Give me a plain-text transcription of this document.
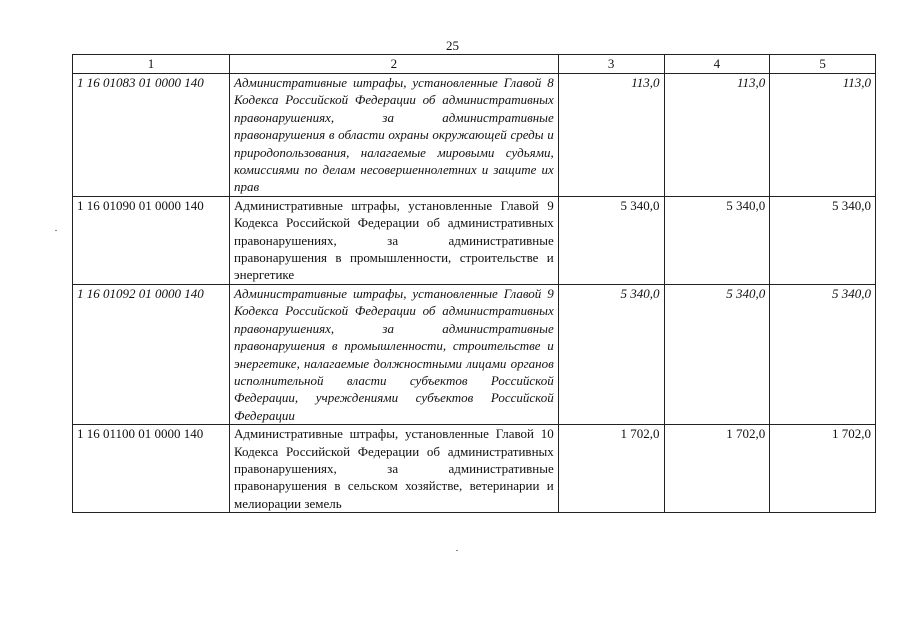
25
1	2	3	4	5
1 16 01083 01 0000 140	Административные штрафы, установленные Главой 8 Кодекса Российской Федерации об административных правонарушениях, за административные правонарушения в области охраны окружающей среды и природопользования, налагаемые мировыми судьями, комиссиями по делам несовершеннолетних и защите их прав	113,0	113,0	113,0
1 16 01090 01 0000 140	Административные штрафы, установленные Главой 9 Кодекса Российской Федерации об административных правонарушениях, за административные правонарушения в промышленности, строительстве и энергетике	5 340,0	5 340,0	5 340,0
1 16 01092 01 0000 140	Административные штрафы, установленные Главой 9 Кодекса Российской Федерации об административных правонарушениях, за административные правонарушения в промышленности, строительстве и энергетике, налагаемые должностными лицами органов исполнительной власти субъектов Российской Федерации, учреждениями субъектов Российской Федерации	5 340,0	5 340,0	5 340,0
1 16 01100 01 0000 140	Административные штрафы, установленные Главой 10 Кодекса Российской Федерации об административных правонарушениях, за административные правонарушения в сельском хозяйстве, ветеринарии и мелиорации земель	1 702,0	1 702,0	1 702,0
